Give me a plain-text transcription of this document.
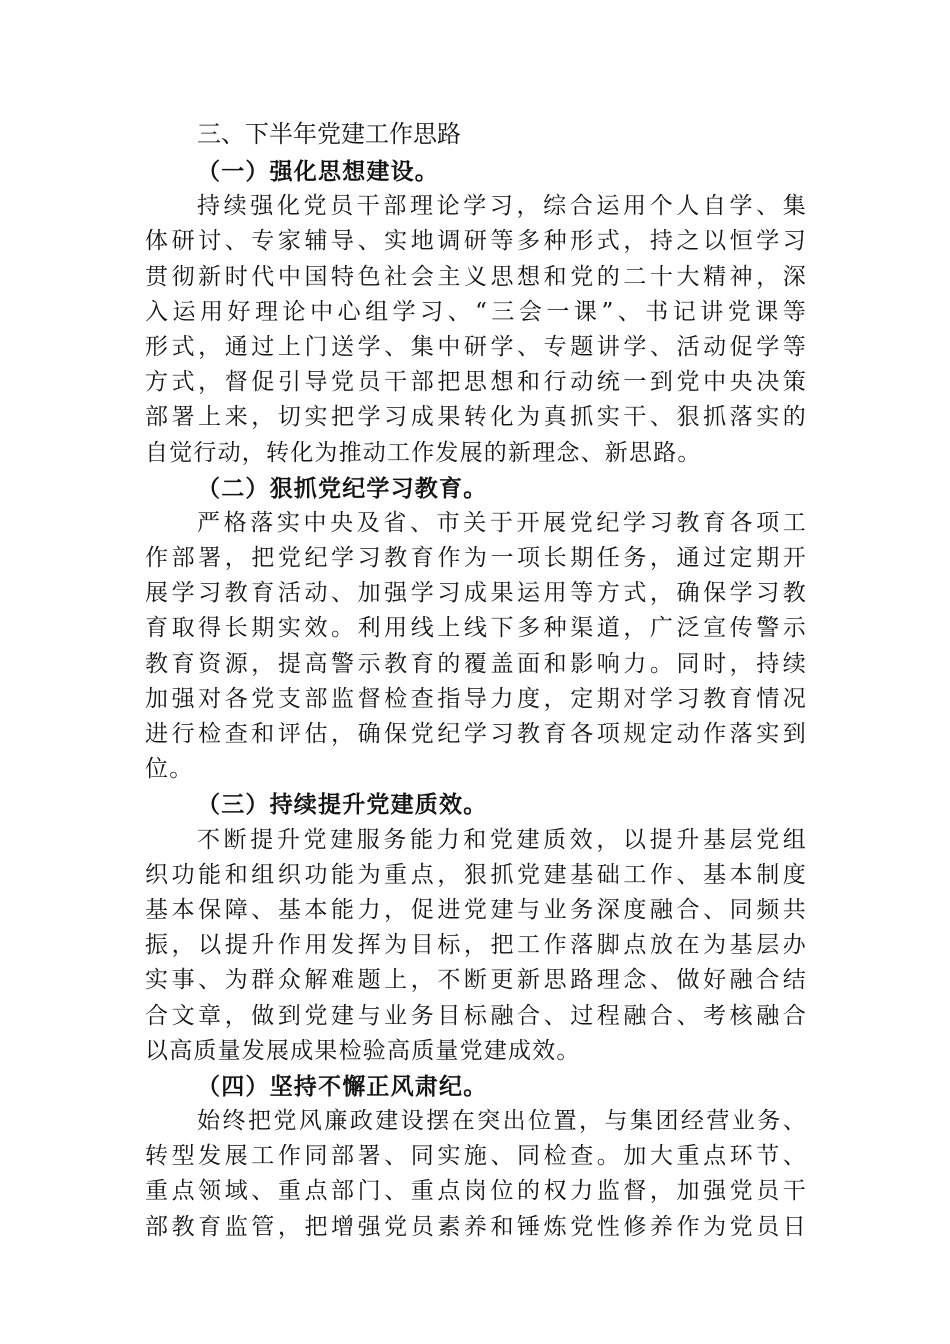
三、下半年党建工作思路
（一）强化思想建设。
持续强化党员干部理论学习，综合运用个人自学、集
体研讨、专家辅导、实地调研等多种形式，持之以恒学习
贯彻新时代中国特色社会主义思想和党的二十大精神，深
入运用好理论中心组学习、“三会一课”、书记讲党课等
形式，通过上门送学、集中研学、专题讲学、活动促学等
方式，督促引导党员干部把思想和行动统一到党中央决策
部署上来，切实把学习成果转化为真抓实干、狠抓落实的
自觉行动，转化为推动工作发展的新理念、新思路。
（二）狠抓党纪学习教育。
严格落实中央及省、市关于开展党纪学习教育各项工
作部署，把党纪学习教育作为一项长期任务，通过定期开
展学习教育活动、加强学习成果运用等方式，确保学习教
育取得长期实效。利用线上线下多种渠道，广泛宣传警示
教育资源，提高警示教育的覆盖面和影响力。同时，持续
加强对各党支部监督检查指导力度，定期对学习教育情况
进行检查和评估，确保党纪学习教育各项规定动作落实到
位。
（三）持续提升党建质效。
不断提升党建服务能力和党建质效，以提升基层党组
织功能和组织功能为重点，狠抓党建基础工作、基本制度
基本保障、基本能力，促进党建与业务深度融合、同频共
振，以提升作用发挥为目标，把工作落脚点放在为基层办
实事、为群众解难题上，不断更新思路理念、做好融合结
合文章，做到党建与业务目标融合、过程融合、考核融合
以高质量发展成果检验高质量党建成效。
（四）坚持不懈正风肃纪。
始终把党风廉政建设摆在突出位置，与集团经营业务、
转型发展工作同部署、同实施、同检查。加大重点环节、
重点领域、重点部门、重点岗位的权力监督，加强党员干
部教育监管，把增强党员素养和锤炼党性修养作为党员日
